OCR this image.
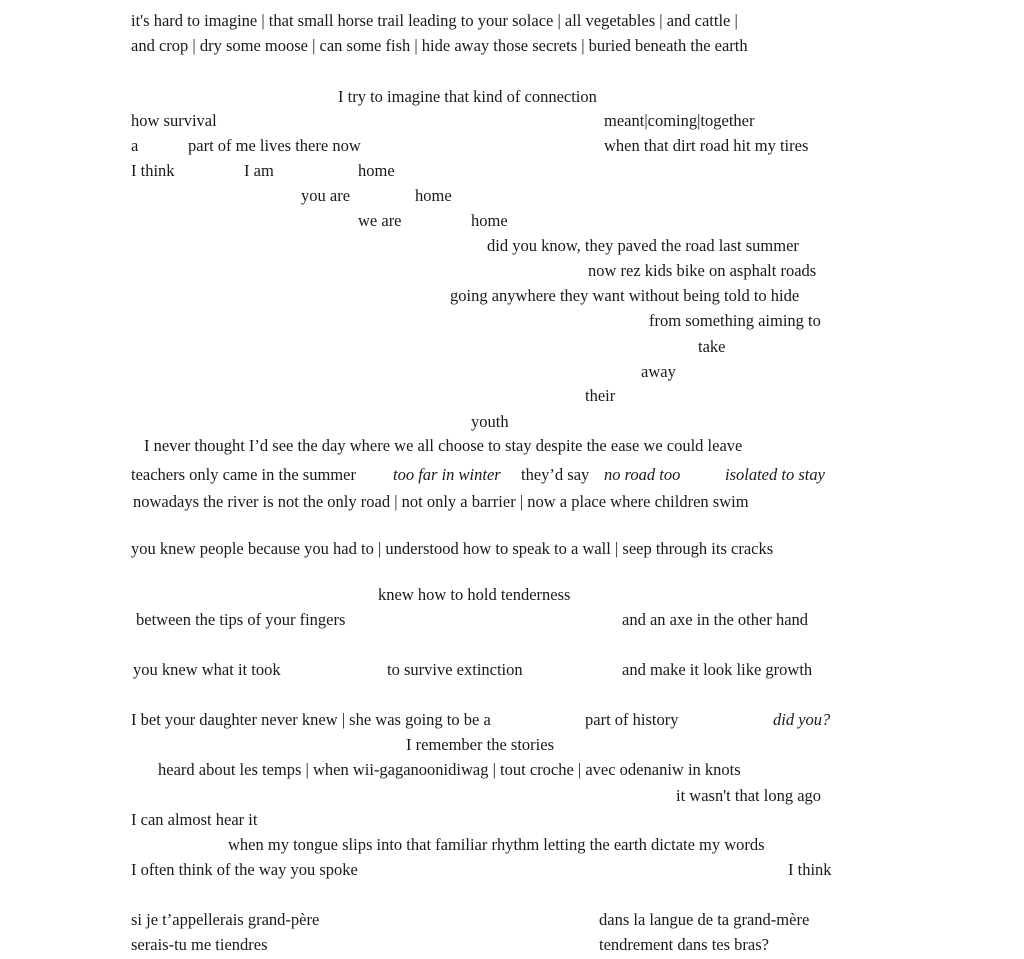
it's hard to imagine | that small horse trail leading to your solace | all vegetables | and cattle |
and crop | dry some moose | can some fish | hide away those secrets | buried beneath the earth
I try to imagine that kind of connection
how survival	meant|coming|together
a	part of me lives there now	when that dirt road hit my tires
I think	I am	home
you are	home
we are	home
did you know, they paved the road last summer
now rez kids bike on asphalt roads
going anywhere they want without being told to hide
from something aiming to
take
away
their
youth
I never thought I’d see the day where we all choose to stay despite the ease we could leave
teachers only came in the summer too far in winter they’d say no road too	isolated to stay
nowadays the river is not the only road | not only a barrier | now a place where children swim
you knew people because you had to | understood how to speak to a wall | seep through its cracks
knew how to hold tenderness
between the tips of your fingers	and an axe in the other hand
you knew what it took	to survive extinction	and make it look like growth
I bet your daughter never knew | she was going to be a	part of history	did you?
I remember the stories
heard about les temps | when wii-gaganoonidiwag | tout croche | avec odenaniw in knots
it wasn't that long ago
I can almost hear it
when my tongue slips into that familiar rhythm letting the earth dictate my words
I often think of the way you spoke	I think
si je t’appellerais grand-père	dans la langue de ta grand-mère
serais-tu me tiendres	tendrement dans tes bras?
